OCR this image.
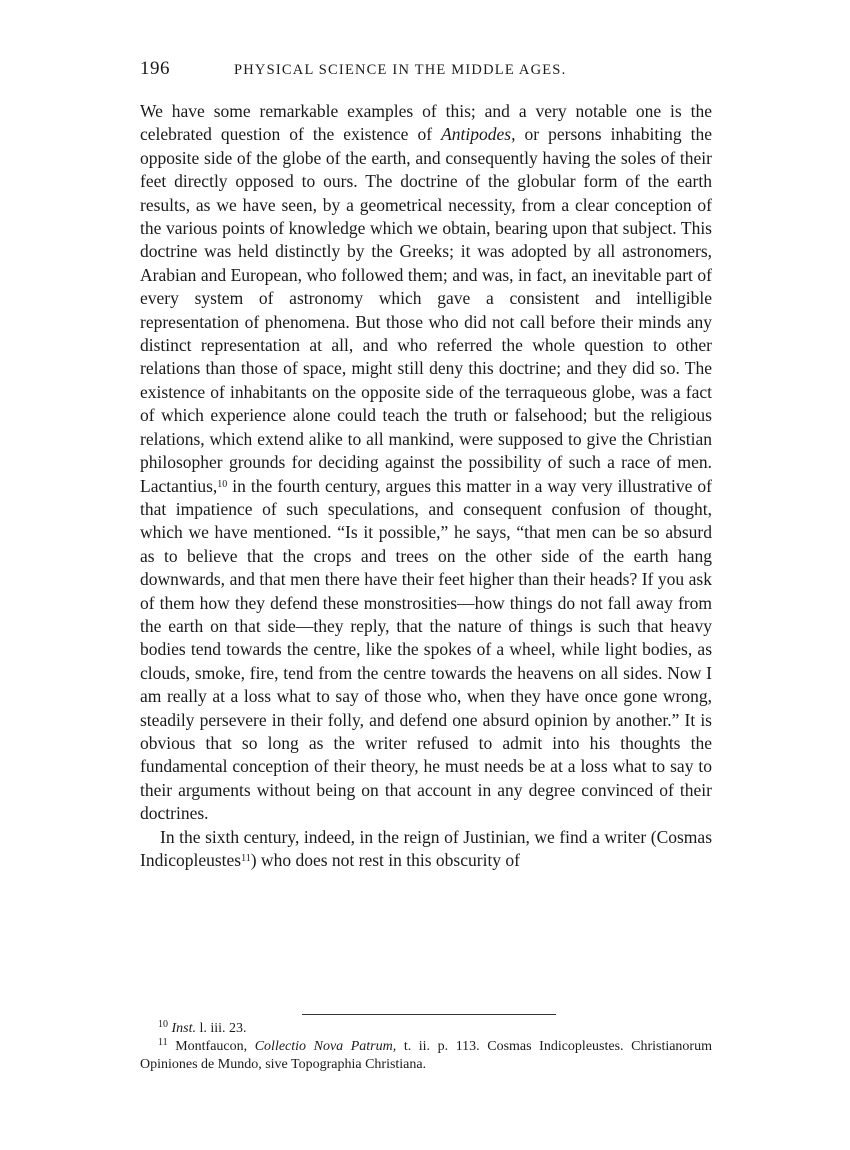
196	PHYSICAL SCIENCE IN THE MIDDLE AGES.

We have some remarkable examples of this; and a very notable one is the celebrated question of the existence of Antipodes, or persons inhabiting the opposite side of the globe of the earth, and consequently having the soles of their feet directly opposed to ours. The doctrine of the globular form of the earth results, as we have seen, by a geometrical necessity, from a clear conception of the various points of knowledge which we obtain, bearing upon that subject. This doctrine was held distinctly by the Greeks; it was adopted by all astronomers, Arabian and European, who followed them; and was, in fact, an inevitable part of every system of astronomy which gave a consistent and intelligible representation of phenomena. But those who did not call before their minds any distinct representation at all, and who referred the whole question to other relations than those of space, might still deny this doctrine; and they did so. The existence of inhabitants on the opposite side of the terraqueous globe, was a fact of which experience alone could teach the truth or falsehood; but the religious relations, which extend alike to all mankind, were supposed to give the Christian philosopher grounds for deciding against the possibility of such a race of men. Lactantius,$^{10}$ in the fourth century, argues this matter in a way very illustrative of that impatience of such speculations, and consequent confusion of thought, which we have mentioned. “Is it possible,” he says, “that men can be so absurd as to believe that the crops and trees on the other side of the earth hang downwards, and that men there have their feet higher than their heads? If you ask of them how they defend these monstrosities—how things do not fall away from the earth on that side—they reply, that the nature of things is such that heavy bodies tend towards the centre, like the spokes of a wheel, while light bodies, as clouds, smoke, fire, tend from the centre towards the heavens on all sides. Now I am really at a loss what to say of those who, when they have once gone wrong, steadily persevere in their folly, and defend one absurd opinion by another.” It is obvious that so long as the writer refused to admit into his thoughts the fundamental conception of their theory, he must needs be at a loss what to say to their arguments without being on that account in any degree convinced of their doctrines.

In the sixth century, indeed, in the reign of Justinian, we find a writer (Cosmas Indicopleustes$^{11}$) who does not rest in this obscurity of

$^{10}$ Inst. l. iii. 23.

$^{11}$ Montfaucon, Collectio Nova Patrum, t. ii. p. 113. Cosmas Indicopleustes. Christianorum Opiniones de Mundo, sive Topographia Christiana.
